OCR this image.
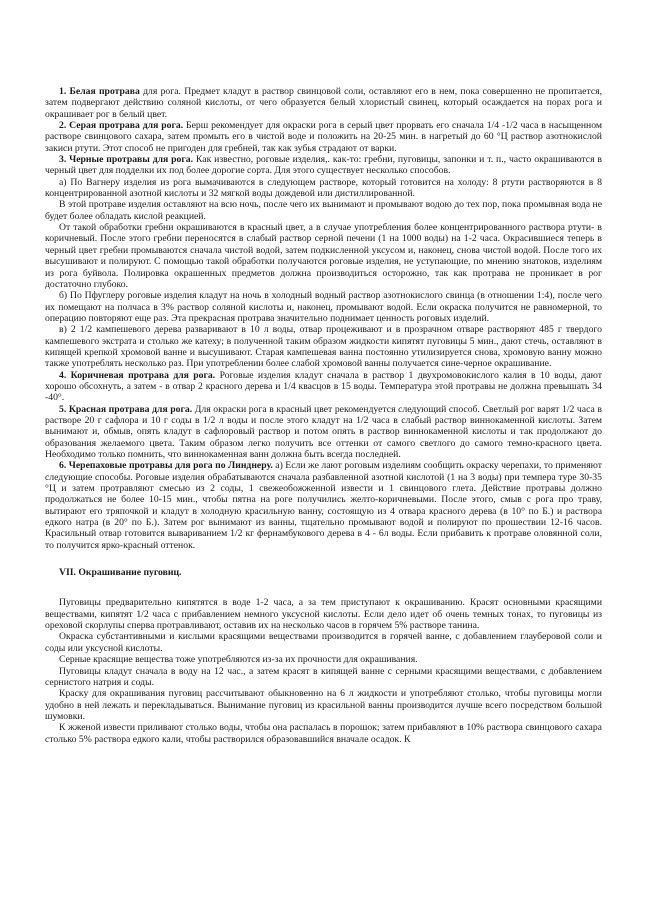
1. Белая протрава для рога. Предмет кладут в раствор свинцовой соли, оставляют его в нем, пока совершенно не пропитается, затем подвергают действию соляной кислоты, от чего образуется белый хлористый свинец, который осаждается на порах рога и окрашивает рог в белый цвет.

2. Серая протрава для рога. Берш рекомендует для окраски рога в серый цвет прорвать его сначала 1/4 -1/2 часа в насыщенном растворе свинцового сахара, затем промыть его в чистой воде и положить на 20-25 мин. в нагретый до 60 °Ц раствор азотнокислой закиси ртути. Этот способ не пригоден для гребней, так как зубья страдают от варки.

3. Черные протравы для рога. Как известно, роговые изделия,. как-то: гребни, пуговицы, запонки и т. п., часто окрашиваются в черный цвет для подделки их под более дорогие сорта. Для этого существует несколько способов.

а) По Вагнеру изделия из рога вымачиваются в следующем растворе, который готовится на холоду: 8 ртути растворяются в 8 концентрированной азотной кислоты и 32 мягкой воды дождевой или дистиллированной.

В этой протраве изделия оставляют на всю ночь, после чего их вынимают и промывают водою до тех пор, пока промывная вода не будет более обладать кислой реакцией.

От такой обработки гребни окрашиваются в красный цвет, а в случае употребления более концентрированного раствора ртути- в коричневый. После этого гребни переносятся в слабый раствор серной печени (1 на 1000 воды) на 1-2 часа. Окрасившиеся теперь в черный цвет гребни промываются сначала чистой водой, затем подкисленной уксусом и, наконец, снова чистой водой. После того их высушивают и полируют. С помощью такой обработки получаются роговые изделия, не уступающие, по мнению знатоков, изделиям из рога буйвола. Полировка окрашенных предметов должна производиться осторожно, так как протрава не проникает в рог достаточно глубоко.

б) По Пфуглеру роговые изделия кладут на ночь в холодный водный раствор азотнокислого свинца (в отношении 1:4), после чего их помещают на полчаса в 3% раствор соляной кислоты и, наконец, промывают водой. Если окраска получится не равномерной, то операцию повторяют еще раз. Эта прекрасная протрава значительно поднимает ценность роговых изделий.

в) 2 1/2 кампешевого дерева разваривают в 10 л воды, отвар процеживают и в прозрачном отваре растворяют 485 г твердого кампешевого экстрата и столько же катеху; в полученной таким образом жидкости кипятят пуговицы 5 мин., дают стечь, оставляют в кипящей крепкой хромовой ванне и высушивают. Старая кампешевая ванна постоянно утилизируется снова, хромовую ванну можно также употреблять несколько раз. При употреблении более слабой хромовой ванны получается сине-черное окрашивание.

4. Коричневая протрава для рога. Роговые изделия кладут сначала в раствор 1 двухромовокислого калия в 10 воды, дают хорошо обсохнуть, а затем - в отвар 2 красного дерева и 1/4 квасцов в 15 воды. Температура этой протравы не должна превышать 34 -40°.

5. Красная протрава для рога. Для окраски рога в красный цвет рекомендуется следующий способ. Светлый рог варят 1/2 часа в растворе 20 г сафлора и 10 г соды в 1/2 л воды и после этого кладут на 1/2 часа в слабый раствор виннокаменной кислоты. Затем вынимают и, обмыв, опять кладут в сафлоровый раствор и потом опять в раствор виннокаменной кислоты и так продолжают до образования желаемого цвета. Таким образом легко получить все оттенки от самого светлого до самого темно-красного цвета. Необходимо только помнить, что виннокаменная ванн должна быть всегда последней.

6. Черепаховые протравы для рога по Линднеру. а) Если же лают роговым изделиям сообщить окраску черепахи, то применяют следующие способы. Роговые изделия обрабатываются сначала разбавленной азотной кислотой (1 на 3 воды) при темпера туре 30-35 °Ц и затем протравляют смесью из 2 соды, 1 свежеобожженной извести и 1 свинцового глета. Действие протравы должно продолжаться не более 10-15 мин., чтобы пятна на роге получились желто-коричневыми. После этого, смыв с рога про траву, вытирают его тряпочкой и кладут в холодную красильную ванну, состоящую из 4 отвара красного дерева (в 10° по Б.) и раствора едкого натра (в 20° по Б.). Затем рог вынимают из ванны, тщательно промывают водой и полируют по прошествии 12-16 часов. Красильный отвар готовится вывариванием 1/2 кг фернамбукового дерева в 4 - 6л воды. Если прибавить к протраве оловянной соли, то получится ярко-красный оттенок.

VII. Окрашивание пуговиц.

Пуговицы предварительно кипятятся в воде 1-2 часа, а за тем приступают к окрашиванию. Красят основными красящими веществами, кипятят 1/2 часа с прибавлением немного уксусной кислоты. Если дело идет об очень темных тонах, то пуговицы из ореховой скорлупы сперва протравливают, оставив их на несколько часов в горячем 5% растворе танина.

Окраска субстантивными и кислыми красящими веществами производится в горячей ванне, с добавлением глауберовой соли и соды или уксусной кислоты.

Серные красящие вещества тоже употребляются из-за их прочности для окрашивания.

Пуговицы кладут сначала в воду на 12 час., а затем красят в кипящей ванне с серными красящими веществами, с добавлением сернистого натрия и соды.

Краску для окрашивания пуговиц рассчитывают обыкновенно на 6 л жидкости и употребляют столько, чтобы пуговицы могли удобно в ней лежать и перекладываться. Вынимание пуговиц из красильной ванны производится лучше всего посредством большой шумовки.

К жженой извести приливают столько воды, чтобы она распалась в порошок; затем прибавляют в 10% раствора свинцового сахара столько 5% раствора едкого кали, чтобы растворился образовавшийся вначале осадок. К
